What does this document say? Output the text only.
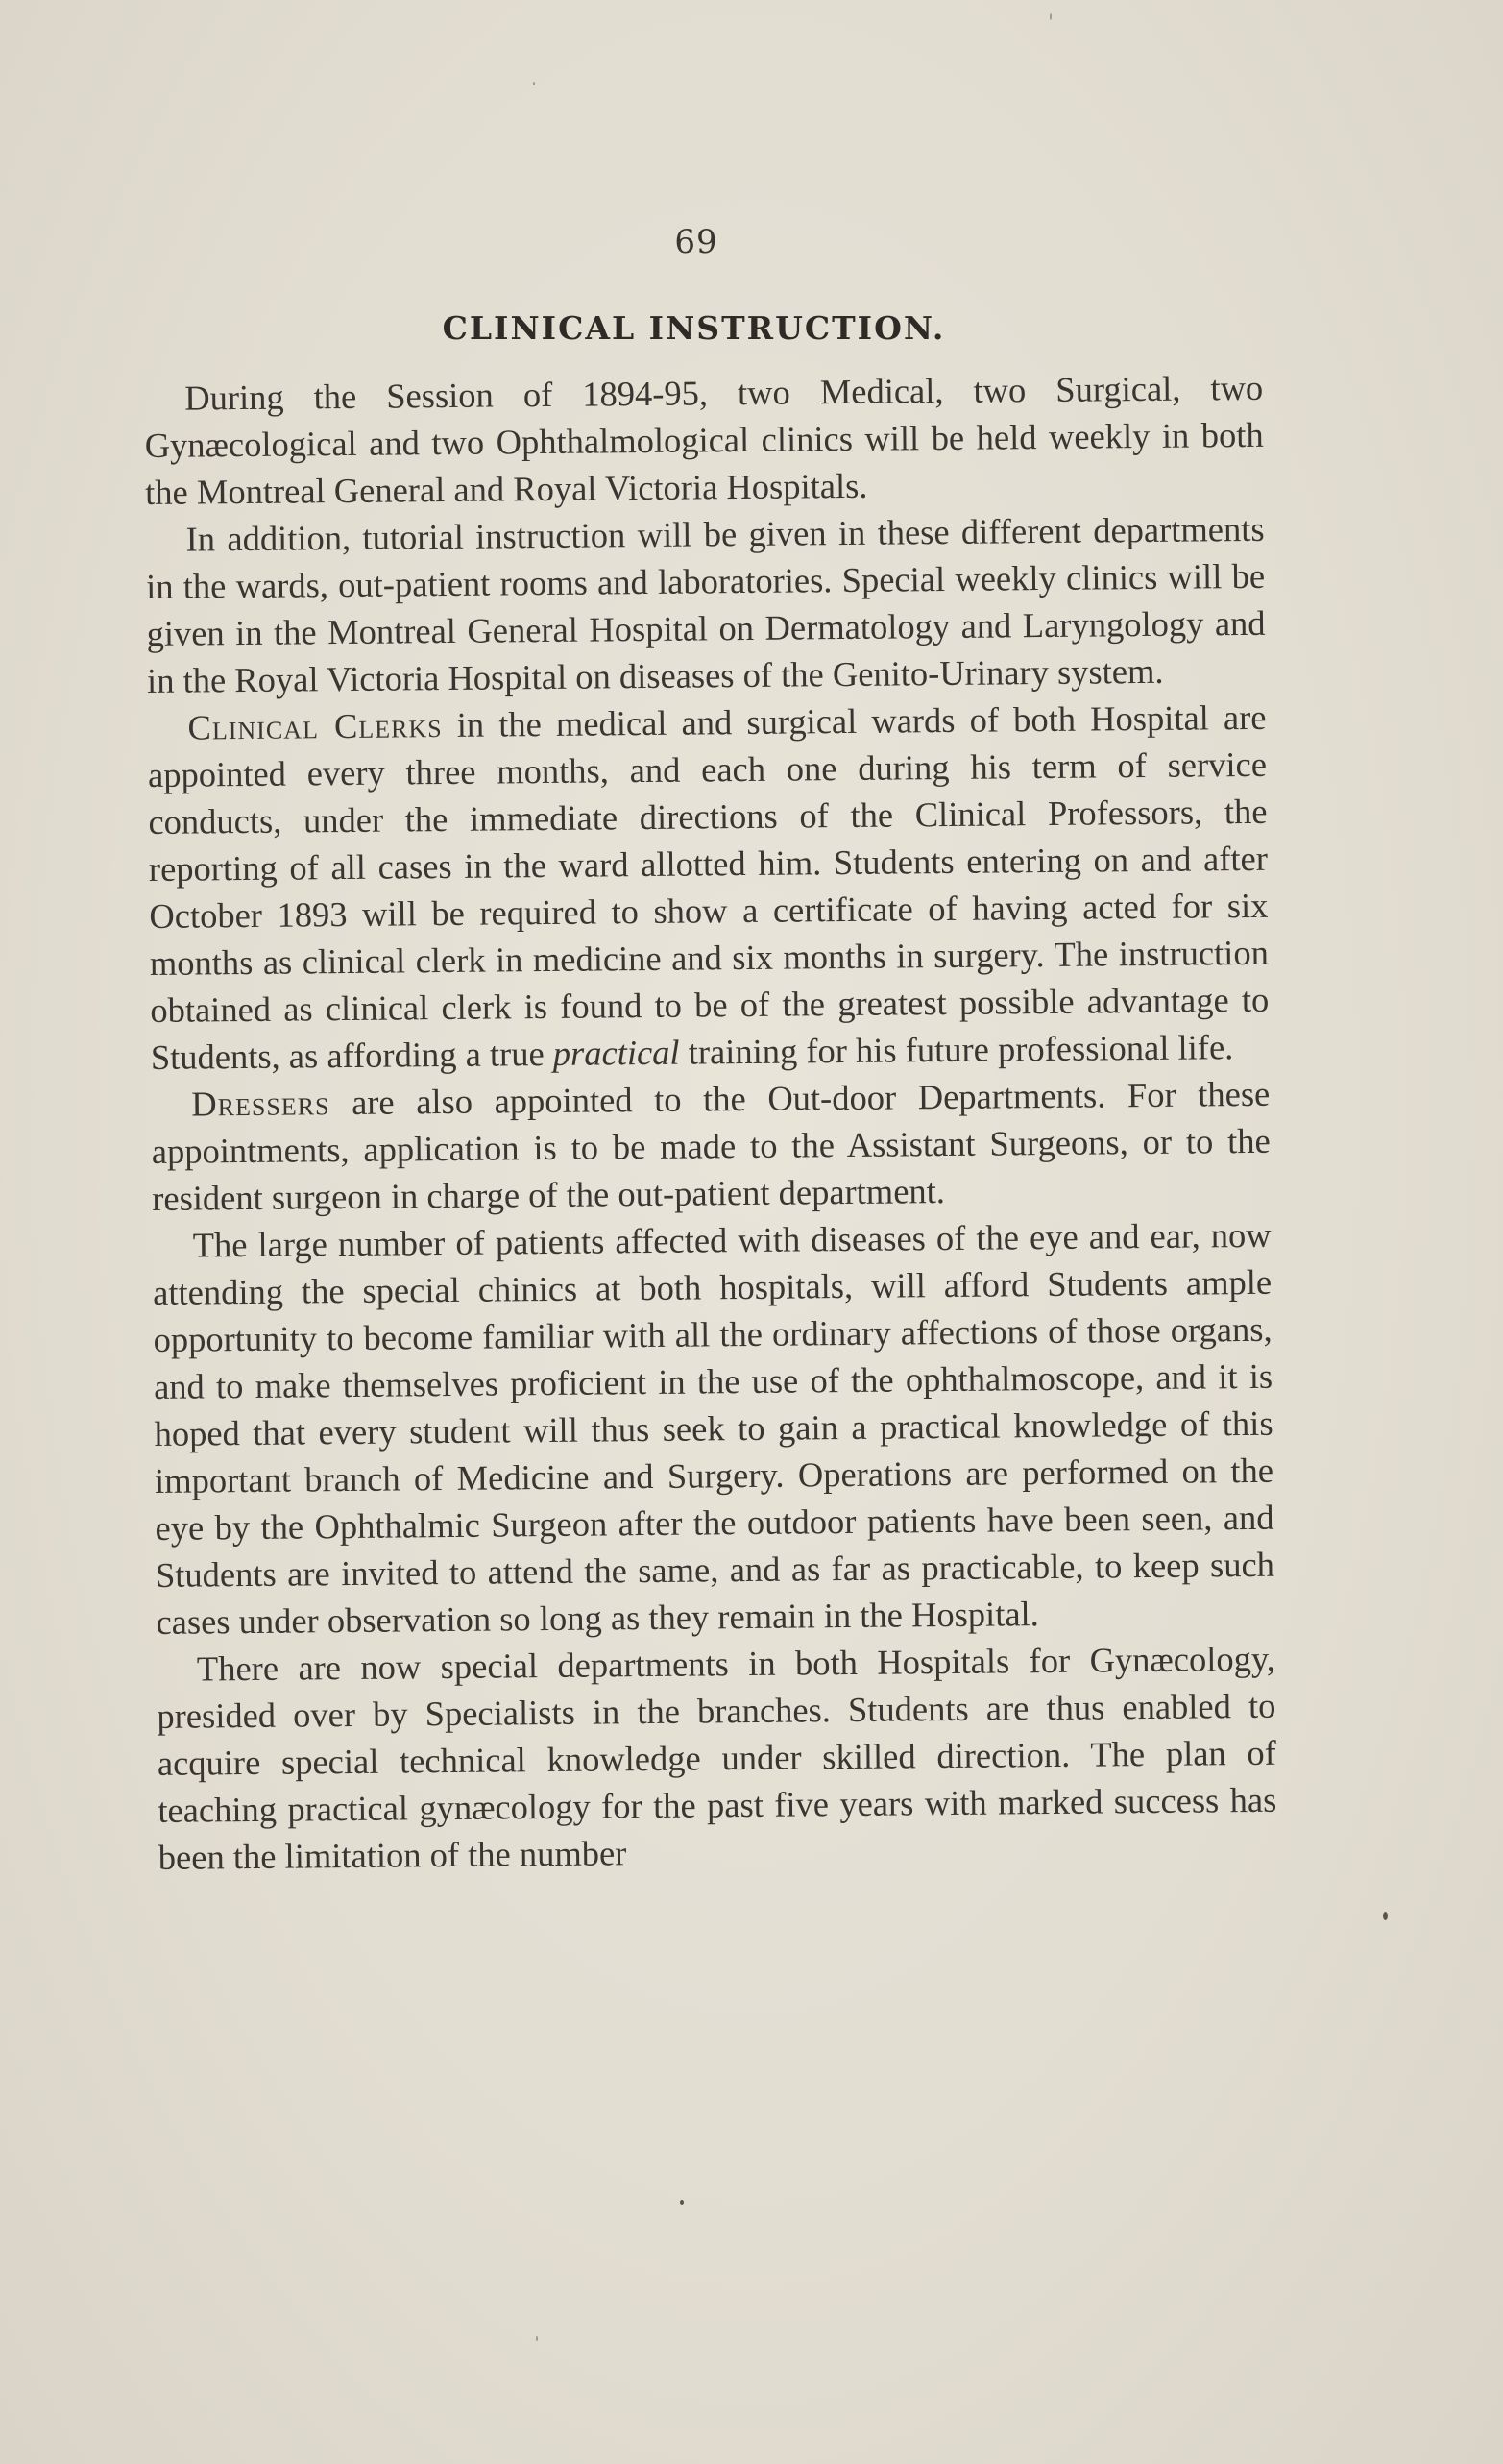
69
CLINICAL INSTRUCTION.

During the Session of 1894-95, two Medical, two Surgical, two Gynæcological and two Ophthalmological clinics will be held weekly in both the Montreal General and Royal Victoria Hospitals.

In addition, tutorial instruction will be given in these different departments in the wards, out-patient rooms and laboratories. Special weekly clinics will be given in the Montreal General Hospital on Dermatology and Laryngology and in the Royal Victoria Hospital on diseases of the Genito-Urinary system.

Clinical Clerks in the medical and surgical wards of both Hospital are appointed every three months, and each one during his term of service conducts, under the immediate directions of the Clinical Professors, the reporting of all cases in the ward allotted him. Students entering on and after October 1893 will be required to show a certificate of having acted for six months as clinical clerk in medicine and six months in surgery. The instruction obtained as clinical clerk is found to be of the greatest possible advantage to Students, as affording a true practical training for his future professional life.

Dressers are also appointed to the Out-door Departments. For these appointments, application is to be made to the Assistant Surgeons, or to the resident surgeon in charge of the out-patient department.

The large number of patients affected with diseases of the eye and ear, now attending the special chinics at both hospitals, will afford Students ample opportunity to become familiar with all the ordinary affections of those organs, and to make themselves proficient in the use of the ophthalmoscope, and it is hoped that every student will thus seek to gain a practical knowledge of this important branch of Medicine and Surgery. Operations are performed on the eye by the Ophthalmic Surgeon after the outdoor patients have been seen, and Students are invited to attend the same, and as far as practicable, to keep such cases under observation so long as they remain in the Hospital.

There are now special departments in both Hospitals for Gynæcology, presided over by Specialists in the branches. Students are thus enabled to acquire special technical knowledge under skilled direction. The plan of teaching practical gynæcology for the past five years with marked success has been the limitation of the number
